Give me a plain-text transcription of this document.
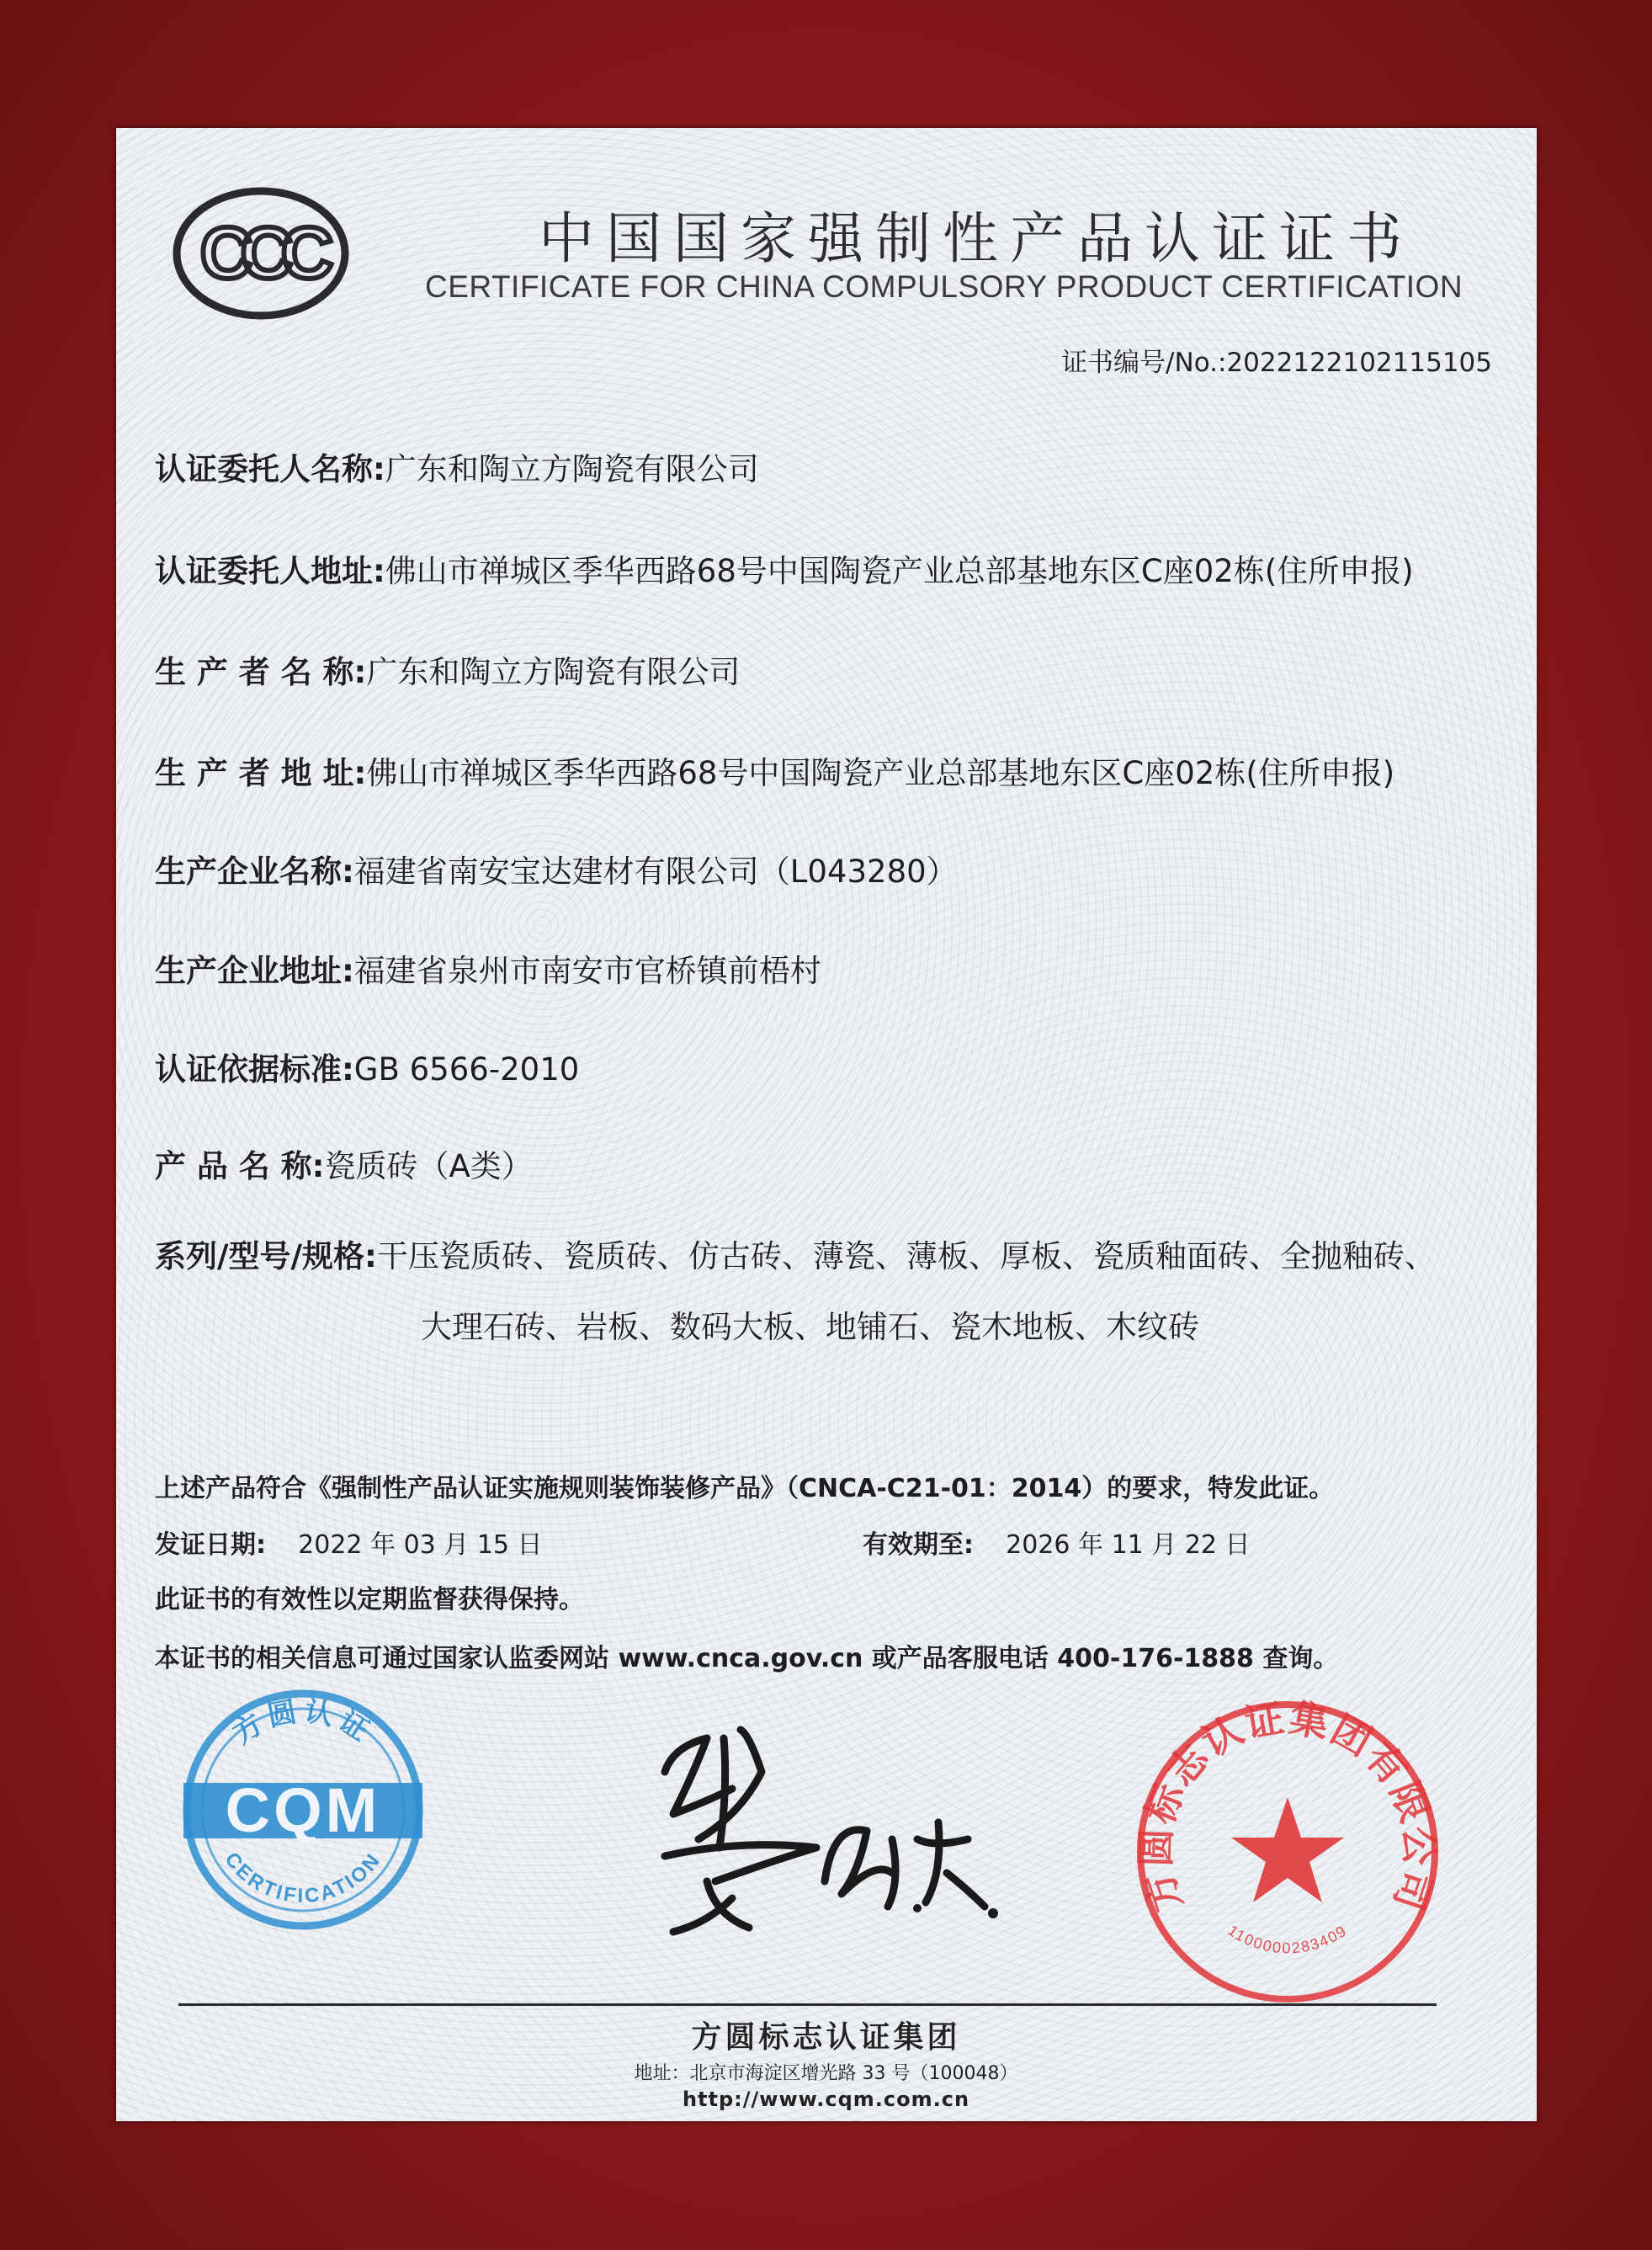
CCC	中国国家强制性产品认证证书
CERTIFICATE FOR CHINA COMPULSORY PRODUCT CERTIFICATION
证书编号/No.:2022122102115105
认证委托人名称:广东和陶立方陶瓷有限公司
认证委托人地址:佛山市禅城区季华西路68号中国陶瓷产业总部基地东区C座02栋(住所申报)
生 产 者 名 称:广东和陶立方陶瓷有限公司
生 产 者 地 址:佛山市禅城区季华西路68号中国陶瓷产业总部基地东区C座02栋(住所申报)
生产企业名称:福建省南安宝达建材有限公司（L043280）
生产企业地址:福建省泉州市南安市官桥镇前梧村
认证依据标准:GB 6566-2010
产 品 名 称:瓷质砖（A类）
系列/型号/规格:干压瓷质砖、瓷质砖、仿古砖、薄瓷、薄板、厚板、瓷质釉面砖、全抛釉砖、
大理石砖、岩板、数码大板、地铺石、瓷木地板、木纹砖
上述产品符合《强制性产品认证实施规则装饰装修产品》（CNCA-C21-01：2014）的要求，特发此证。
发证日期: 2022 年 03 月 15 日	有效期至: 2026 年 11 月 22 日
此证书的有效性以定期监督获得保持。
本证书的相关信息可通过国家认监委网站 www.cnca.gov.cn 或产品客服电话 400-176-1888 查询。
方圆认证
CQM
CERTIFICATION
方圆标志认证集团有限公司
1100000283409
方圆标志认证集团
地址：北京市海淀区增光路 33 号（100048）
http://www.cqm.com.cn
